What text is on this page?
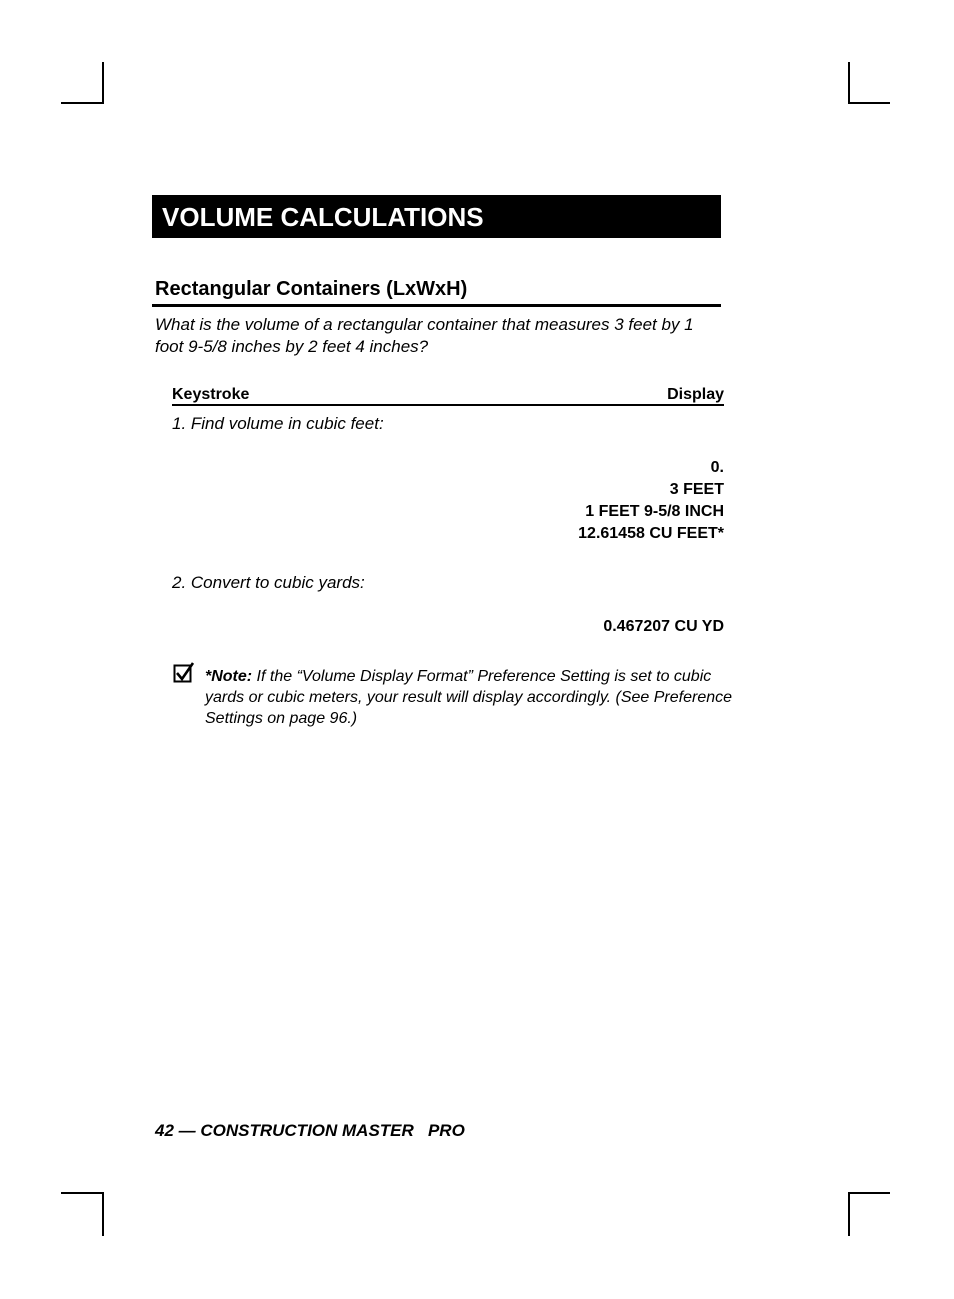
VOLUME CALCULATIONS
Rectangular Containers (LxWxH)
What is the volume of a rectangular container that measures 3 feet by 1 foot 9-5/8 inches by 2 feet 4 inches?
Keystroke	Display
1. Find volume in cubic feet:
0.
3 FEET
1 FEET 9-5/8 INCH
12.61458 CU FEET*
2. Convert to cubic yards:
0.467207 CU YD
*Note: If the “Volume Display Format” Preference Setting is set to cubic yards or cubic meters, your result will display accordingly. (See Preference Settings on page 96.)
42 — CONSTRUCTION MASTER   PRO
